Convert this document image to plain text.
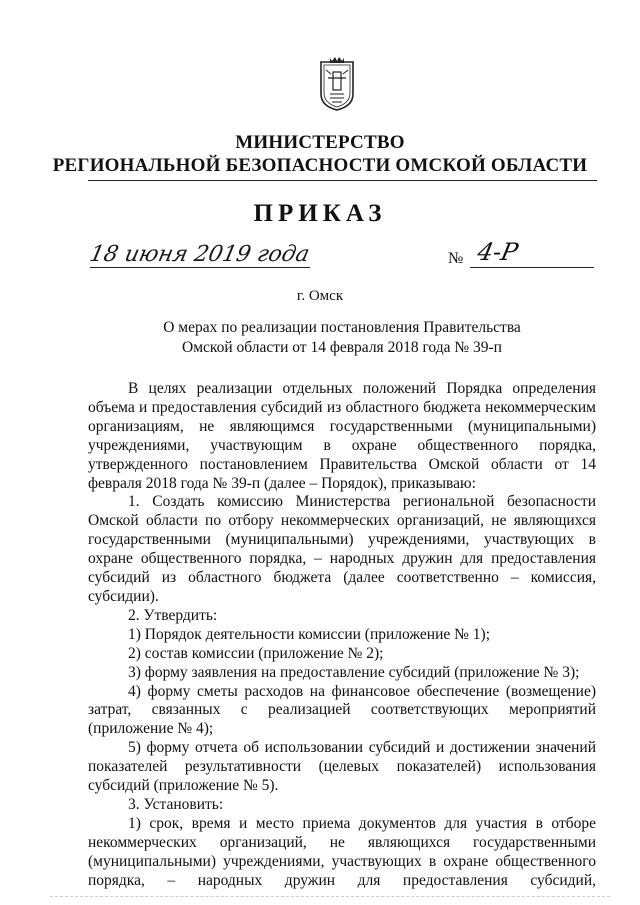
МИНИСТЕРСТВО
РЕГИОНАЛЬНОЙ БЕЗОПАСНОСТИ ОМСКОЙ ОБЛАСТИ
ПРИКАЗ
18 июня 2019 года	№ 4-Р
г. Омск
О мерах по реализации постановления Правительства
Омской области от 14 февраля 2018 года № 39-п

В целях реализации отдельных положений Порядка определения объема и предоставления субсидий из областного бюджета некоммерческим организациям, не являющимся государственными (муниципальными) учреждениями, участвующим в охране общественного порядка, утвержденного постановлением Правительства Омской области от 14 февраля 2018 года № 39-п (далее – Порядок), приказываю:

1. Создать комиссию Министерства региональной безопасности Омской области по отбору некоммерческих организаций, не являющихся государственными (муниципальными) учреждениями, участвующих в охране общественного порядка, – народных дружин для предоставления субсидий из областного бюджета (далее соответственно – комиссия, субсидии).

2. Утвердить:

1) Порядок деятельности комиссии (приложение № 1);

2) состав комиссии (приложение № 2);

3) форму заявления на предоставление субсидий (приложение № 3);

4) форму сметы расходов на финансовое обеспечение (возмещение) затрат, связанных с реализацией соответствующих мероприятий (приложение № 4);

5) форму отчета об использовании субсидий и достижении значений показателей результативности (целевых показателей) использования субсидий (приложение № 5).

3. Установить:

1) срок, время и место приема документов для участия в отборе некоммерческих организаций, не являющихся государственными (муниципальными) учреждениями, участвующих в охране общественного порядка, – народных дружин для предоставления субсидий,
